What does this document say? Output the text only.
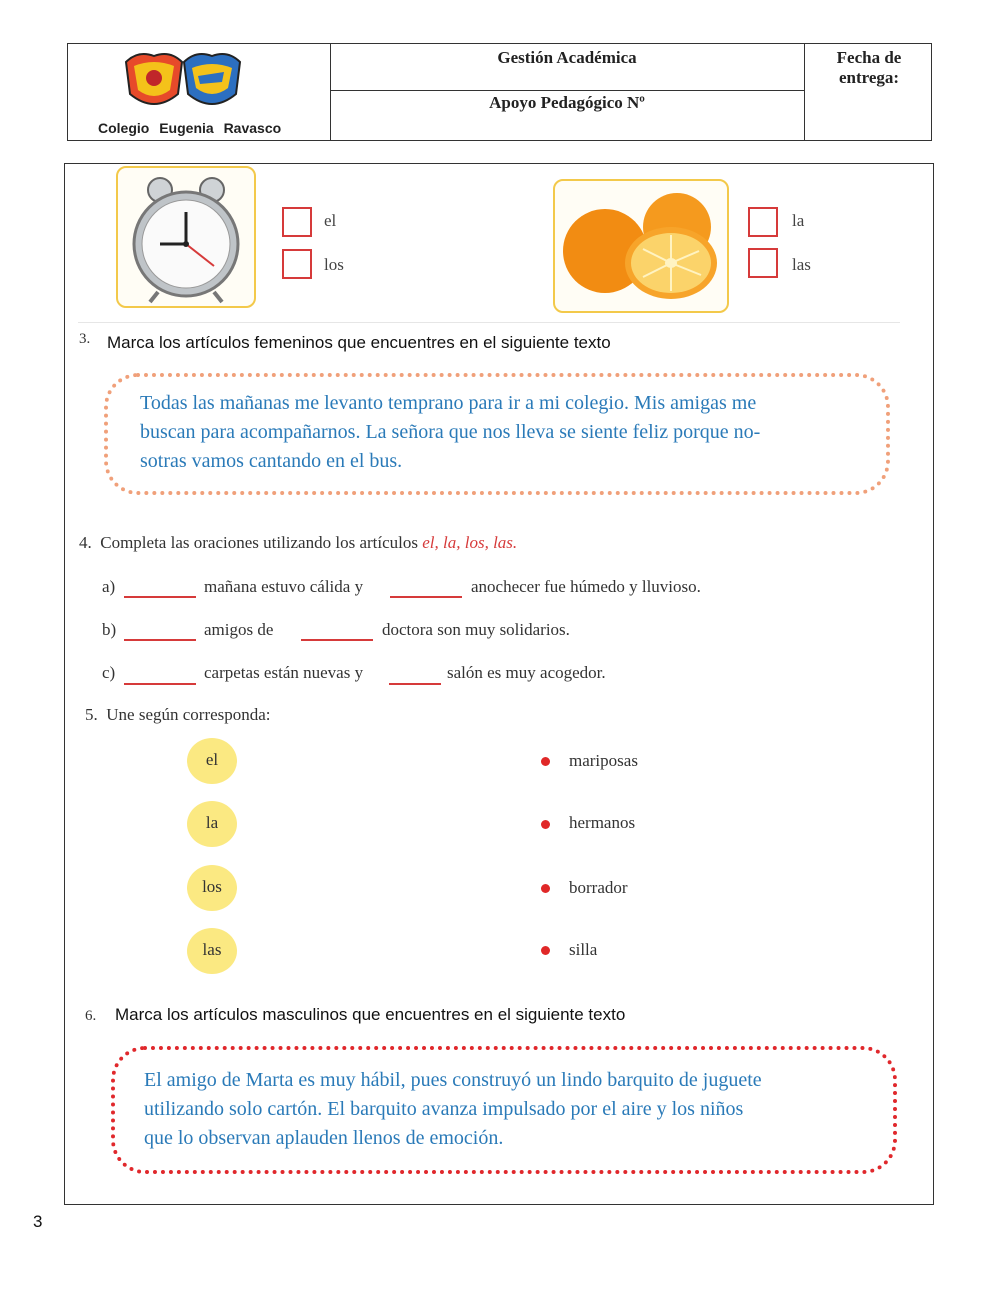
Colegio Eugenia Ravasco
Gestión Académica
Apoyo Pedagógico Nº
Fecha de
entrega:
el
los
la
las
3. Marca los artículos femeninos que encuentres en el siguiente texto
Todas las mañanas me levanto temprano para ir a mi colegio. Mis amigas me
buscan para acompañarnos. La señora que nos lleva se siente feliz porque no-
sotras vamos cantando en el bus.
4. Completa las oraciones utilizando los artículos el, la, los, las.
a)	mañana estuvo cálida y	anochecer fue húmedo y lluvioso.
b)	amigos de	doctora son muy solidarios.
c)	carpetas están nuevas y	salón es muy acogedor.
5. Une según corresponda:
el
la
los
las
mariposas
hermanos
borrador
silla
6. Marca los artículos masculinos que encuentres en el siguiente texto
El amigo de Marta es muy hábil, pues construyó un lindo barquito de juguete
utilizando solo cartón. El barquito avanza impulsado por el aire y los niños
que lo observan aplauden llenos de emoción.
3
